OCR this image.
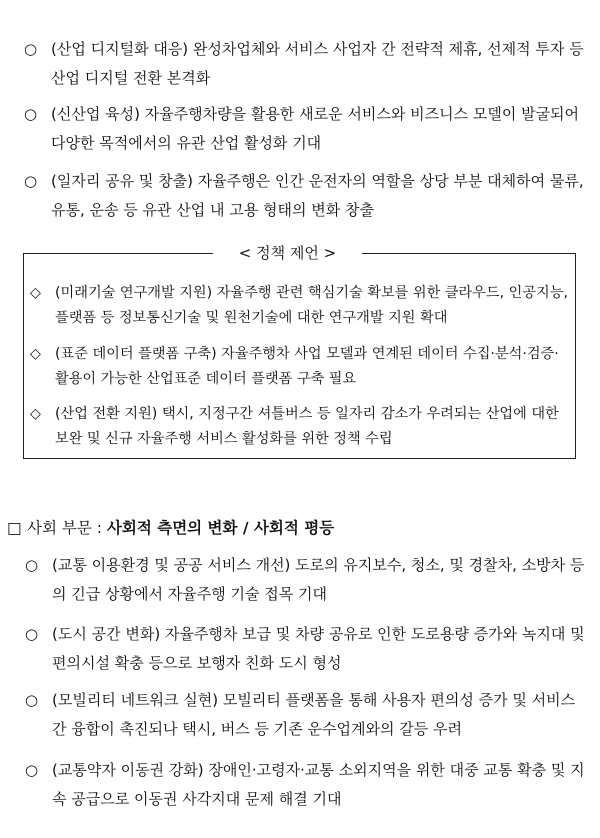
○ (산업 디지털화 대응) 완성차업체와 서비스 사업자 간 전략적 제휴, 선제적 투자 등 산업 디지털 전환 본격화
○ (신산업 육성) 자율주행차량을 활용한 새로운 서비스와 비즈니스 모델이 발굴되어 다양한 목적에서의 유관 산업 활성화 기대
○ (일자리 공유 및 창출) 자율주행은 인간 운전자의 역할을 상당 부분 대체하여 물류, 유통, 운송 등 유관 산업 내 고용 형태의 변화 창출
< 정책 제언 >
◇ (미래기술 연구개발 지원) 자율주행 관련 핵심기술 확보를 위한 클라우드, 인공지능, 플랫폼 등 정보통신기술 및 원천기술에 대한 연구개발 지원 확대
◇ (표준 데이터 플랫폼 구축) 자율주행차 사업 모델과 연계된 데이터 수집·분석·검증·활용이 가능한 산업표준 데이터 플랫폼 구축 필요
◇ (산업 전환 지원) 택시, 지정구간 셔틀버스 등 일자리 감소가 우려되는 산업에 대한 보완 및 신규 자율주행 서비스 활성화를 위한 정책 수립
□ 사회 부문 : 사회적 측면의 변화 / 사회적 평등
○ (교통 이용환경 및 공공 서비스 개선) 도로의 유지보수, 청소, 및 경찰차, 소방차 등의 긴급 상황에서 자율주행 기술 접목 기대
○ (도시 공간 변화) 자율주행차 보급 및 차량 공유로 인한 도로용량 증가와 녹지대 및 편의시설 확충 등으로 보행자 친화 도시 형성
○ (모빌리티 네트워크 실현) 모빌리티 플랫폼을 통해 사용자 편의성 증가 및 서비스 간 융합이 촉진되나 택시, 버스 등 기존 운수업계와의 갈등 우려
○ (교통약자 이동권 강화) 장애인·고령자·교통 소외지역을 위한 대중 교통 확충 및 지속 공급으로 이동권 사각지대 문제 해결 기대
